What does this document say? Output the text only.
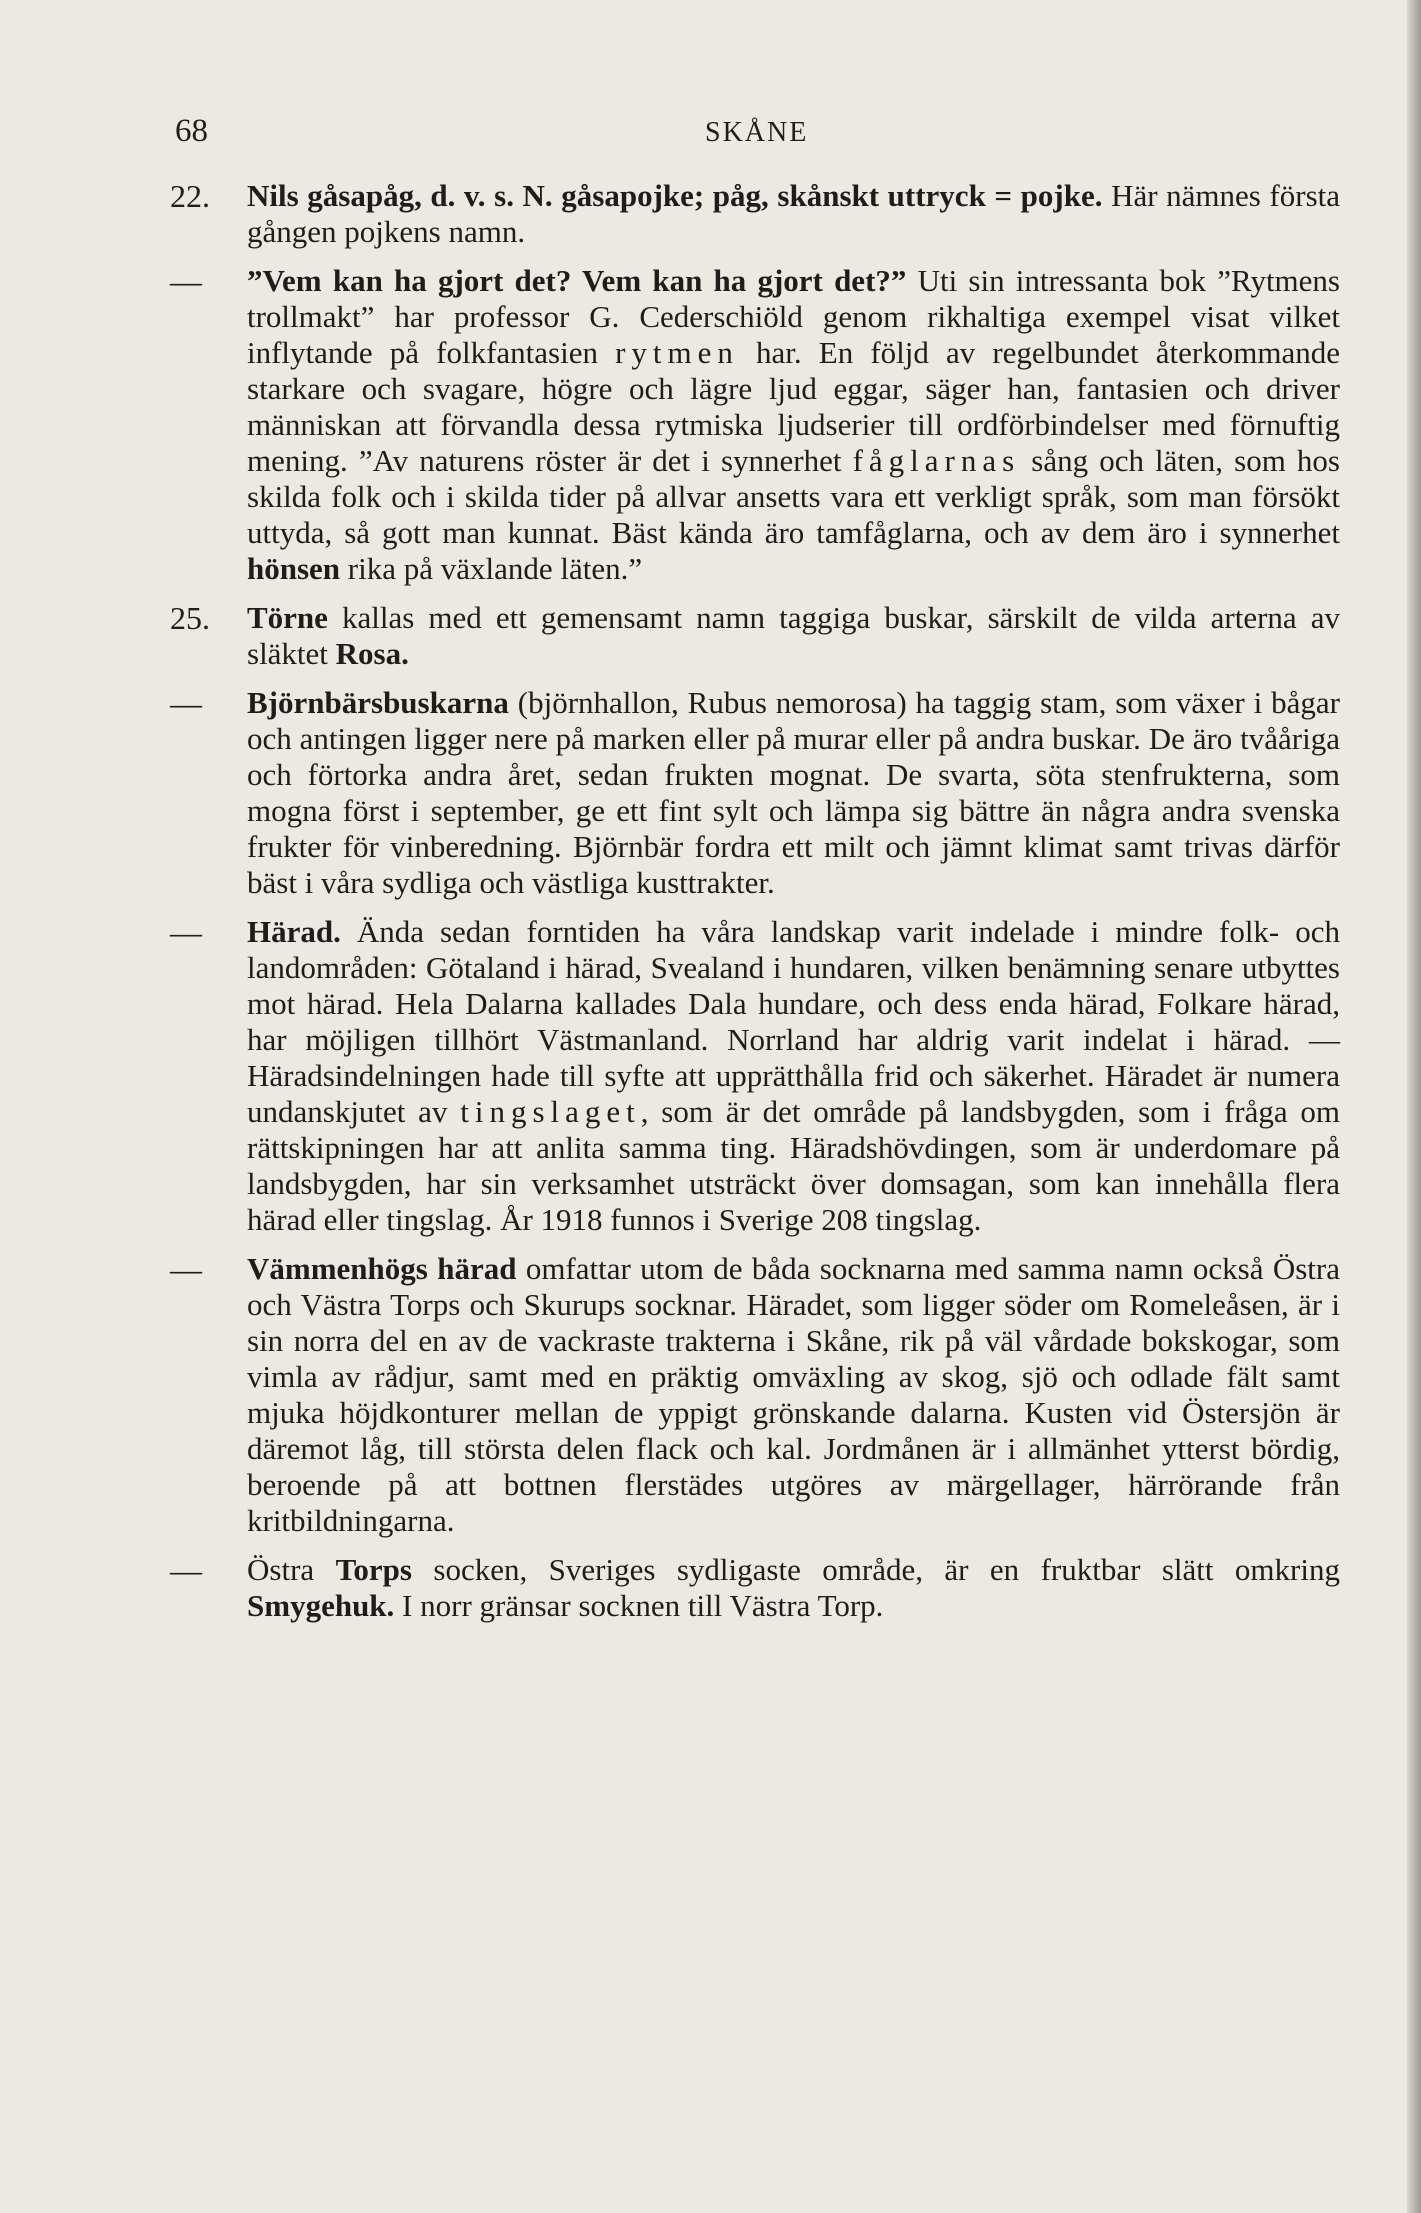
68	SKÅNE
22.	Nils gåsapåg, d. v. s. N. gåsapojke; påg, skånskt uttryck = pojke. Här nämnes första gången pojkens namn.
—	”Vem kan ha gjort det? Vem kan ha gjort det?” Uti sin intressanta bok ”Rytmens trollmakt” har professor G. Cederschiöld genom rikhaltiga exempel visat vilket inflytande på folkfantasien rytmen har. En följd av regelbundet återkommande starkare och svagare, högre och lägre ljud eggar, säger han, fantasien och driver människan att förvandla dessa rytmiska ljudserier till ordförbindelser med förnuftig mening. ”Av naturens röster är det i synnerhet fåglarnas sång och läten, som hos skilda folk och i skilda tider på allvar ansetts vara ett verkligt språk, som man försökt uttyda, så gott man kunnat. Bäst kända äro tamfåglarna, och av dem äro i synnerhet hönsen rika på växlande läten.”
25.	Törne kallas med ett gemensamt namn taggiga buskar, särskilt de vilda arterna av släktet Rosa.
—	Björnbärsbuskarna (björnhallon, Rubus nemorosa) ha taggig stam, som växer i bågar och antingen ligger nere på marken eller på murar eller på andra buskar. De äro tvååriga och förtorka andra året, sedan frukten mognat. De svarta, söta stenfrukterna, som mogna först i september, ge ett fint sylt och lämpa sig bättre än några andra svenska frukter för vinberedning. Björnbär fordra ett milt och jämnt klimat samt trivas därför bäst i våra sydliga och västliga kusttrakter.
—	Härad. Ända sedan forntiden ha våra landskap varit indelade i mindre folk- och landområden: Götaland i härad, Svealand i hundaren, vilken benämning senare utbyttes mot härad. Hela Dalarna kallades Dala hundare, och dess enda härad, Folkare härad, har möjligen tillhört Västmanland. Norrland har aldrig varit indelat i härad. — Häradsindelningen hade till syfte att upprätthålla frid och säkerhet. Häradet är numera undanskjutet av tingslaget, som är det område på landsbygden, som i fråga om rättskipningen har att anlita samma ting. Häradshövdingen, som är underdomare på landsbygden, har sin verksamhet utsträckt över domsagan, som kan innehålla flera härad eller tingslag. År 1918 funnos i Sverige 208 tingslag.
—	Vämmenhögs härad omfattar utom de båda socknarna med samma namn också Östra och Västra Torps och Skurups socknar. Häradet, som ligger söder om Romeleåsen, är i sin norra del en av de vackraste trakterna i Skåne, rik på väl vårdade bokskogar, som vimla av rådjur, samt med en präktig omväxling av skog, sjö och odlade fält samt mjuka höjdkonturer mellan de yppigt grönskande dalarna. Kusten vid Östersjön är däremot låg, till största delen flack och kal. Jordmånen är i allmänhet ytterst bördig, beroende på att bottnen flerstädes utgöres av märgellager, härrörande från kritbildningarna.
—	Östra Torps socken, Sveriges sydligaste område, är en fruktbar slätt omkring Smygehuk. I norr gränsar socknen till Västra Torp.
